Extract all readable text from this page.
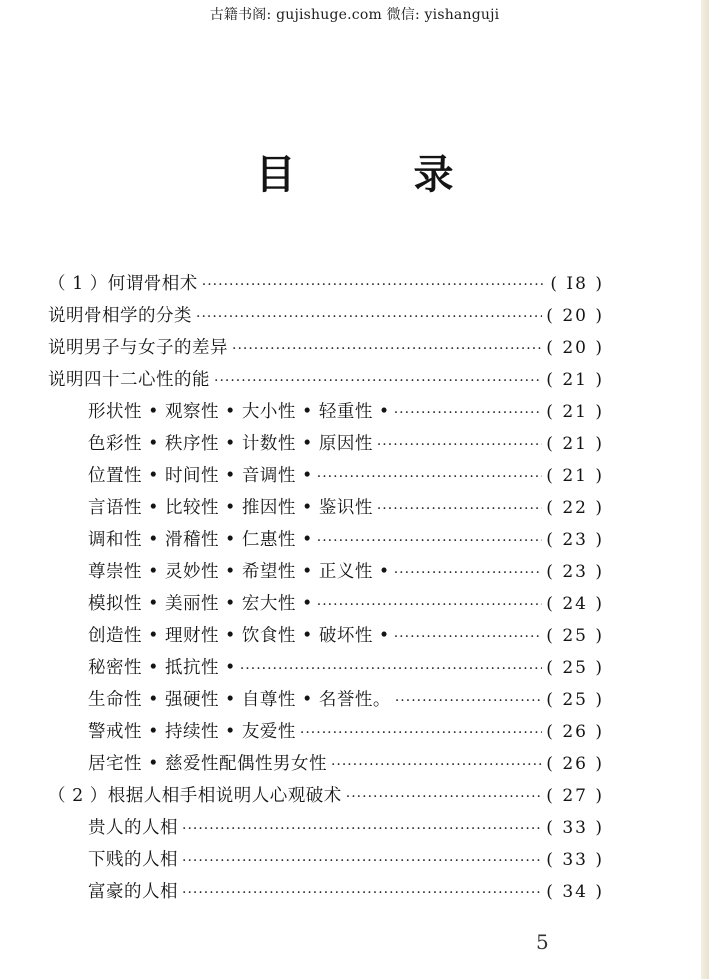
古籍书阁: gujishuge.com 微信: yishanguji
目 录
（ 1 ）何谓骨相术 ·····	( I8 )
说明骨相学的分类 ·····	( 20 )
说明男子与女子的差异 ·····	( 20 )
说明四十二心性的能 ·····	( 21 )
形状性 • 观察性 • 大小性 • 轻重性 • ·····	( 21 )
色彩性 • 秩序性 • 计数性 • 原因性 ·····	( 21 )
位置性 • 时间性 • 音调性 • ·····	( 21 )
言语性 • 比较性 • 推因性 • 鉴识性 ·····	( 22 )
调和性 • 滑稽性 • 仁惠性 • ·····	( 23 )
尊崇性 • 灵妙性 • 希望性 • 正义性 • ·····	( 23 )
模拟性 • 美丽性 • 宏大性 • ·····	( 24 )
创造性 • 理财性 • 饮食性 • 破坏性 • ·····	( 25 )
秘密性 • 抵抗性 • ·····	( 25 )
生命性 • 强硬性 • 自尊性 • 名誉性。 ·····	( 25 )
警戒性 • 持续性 • 友爱性 ·····	( 26 )
居宅性 • 慈爱性配偶性男女性 ·····	( 26 )
（ 2 ）根据人相手相说明人心观破术 ·····	( 27 )
贵人的人相 ·····	( 33 )
下贱的人相 ·····	( 33 )
富豪的人相 ·····	( 34 )
5
